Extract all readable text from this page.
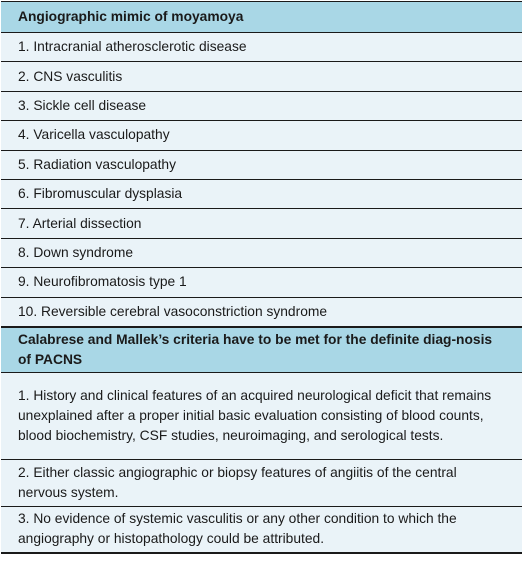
Angiographic mimic of moyamoya
1. Intracranial atherosclerotic disease
2. CNS vasculitis
3. Sickle cell disease
4. Varicella vasculopathy
5. Radiation vasculopathy
6. Fibromuscular dysplasia
7. Arterial dissection
8. Down syndrome
9. Neurofibromatosis type 1
10. Reversible cerebral vasoconstriction syndrome
Calabrese and Mallek’s criteria have to be met for the definite diag-nosis of PACNS
1. History and clinical features of an acquired neurological deficit that remains unexplained after a proper initial basic evaluation consisting of blood counts, blood biochemistry, CSF studies, neuroimaging, and serological tests.
2. Either classic angiographic or biopsy features of angiitis of the central nervous system.
3. No evidence of systemic vasculitis or any other condition to which the angiography or histopathology could be attributed.
